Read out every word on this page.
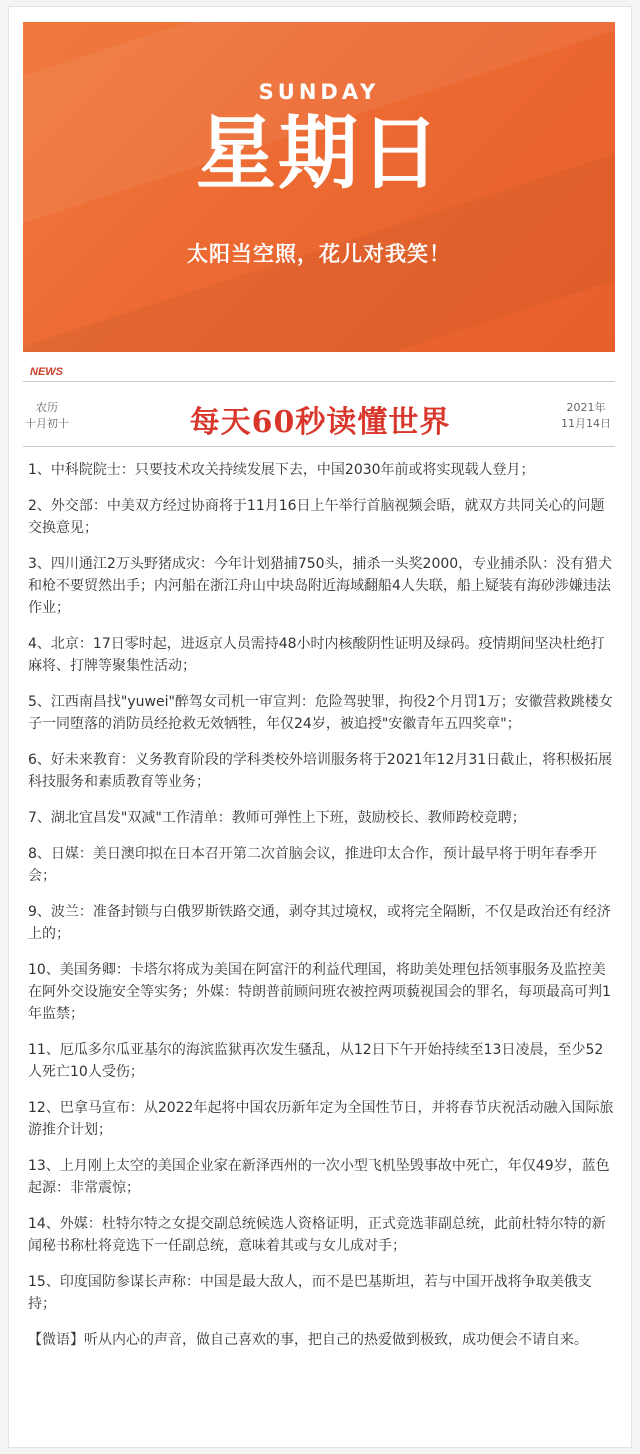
SUNDAY
星期日
太阳当空照，花儿对我笑！
NEWS
农历
十月初十	每天60秒读懂世界	2021年
11月14日
1、中科院院士：只要技术攻关持续发展下去，中国2030年前或将实现载人登月；
2、外交部：中美双方经过协商将于11月16日上午举行首脑视频会晤，就双方共同关心的问题交换意见；
3、四川通江2万头野猪成灾：今年计划猎捕750头，捕杀一头奖2000，专业捕杀队：没有猎犬和枪不要贸然出手；内河船在浙江舟山中块岛附近海域翻船4人失联，船上疑装有海砂涉嫌违法作业；
4、北京：17日零时起，进返京人员需持48小时内核酸阴性证明及绿码。疫情期间坚决杜绝打麻将、打牌等聚集性活动；
5、江西南昌找"yuwei"醉驾女司机一审宣判：危险驾驶罪，拘役2个月罚1万；安徽营救跳楼女子一同堕落的消防员经抢救无效牺牲，年仅24岁，被追授"安徽青年五四奖章"；
6、好未来教育：义务教育阶段的学科类校外培训服务将于2021年12月31日截止，将积极拓展科技服务和素质教育等业务；
7、湖北宜昌发"双减"工作清单：教师可弹性上下班，鼓励校长、教师跨校竞聘；
8、日媒：美日澳印拟在日本召开第二次首脑会议，推进印太合作，预计最早将于明年春季开会；
9、波兰：准备封锁与白俄罗斯铁路交通，剥夺其过境权，或将完全隔断，不仅是政治还有经济上的；
10、美国务卿：卡塔尔将成为美国在阿富汗的利益代理国，将助美处理包括领事服务及监控美在阿外交设施安全等实务；外媒：特朗普前顾问班农被控两项藐视国会的罪名，每项最高可判1年监禁；
11、厄瓜多尔瓜亚基尔的海滨监狱再次发生骚乱，从12日下午开始持续至13日凌晨，至少52人死亡10人受伤；
12、巴拿马宣布：从2022年起将中国农历新年定为全国性节日，并将春节庆祝活动融入国际旅游推介计划；
13、上月刚上太空的美国企业家在新泽西州的一次小型飞机坠毁事故中死亡，年仅49岁，蓝色起源：非常震惊；
14、外媒：杜特尔特之女提交副总统候选人资格证明，正式竞选菲副总统，此前杜特尔特的新闻秘书称杜将竞选下一任副总统，意味着其或与女儿成对手；
15、印度国防参谋长声称：中国是最大敌人，而不是巴基斯坦，若与中国开战将争取美俄支持；
【微语】听从内心的声音，做自己喜欢的事，把自己的热爱做到极致，成功便会不请自来。
